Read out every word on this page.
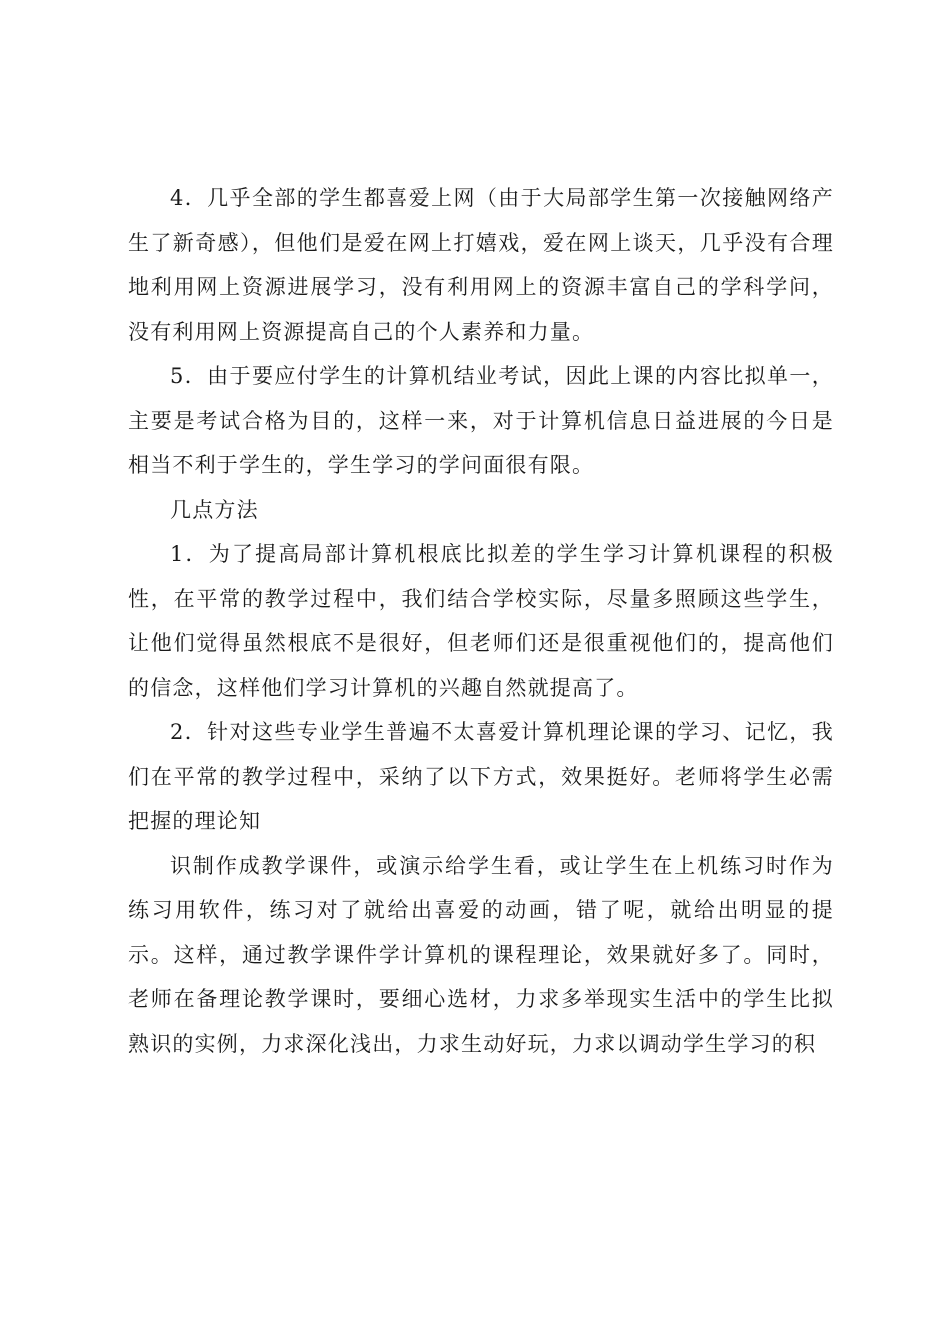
4．几乎全部的学生都喜爱上网（由于大局部学生第一次接触网络产生了新奇感），但他们是爱在网上打嬉戏，爱在网上谈天，几乎没有合理地利用网上资源进展学习，没有利用网上的资源丰富自己的学科学问，没有利用网上资源提高自己的个人素养和力量。

5．由于要应付学生的计算机结业考试，因此上课的内容比拟单一，主要是考试合格为目的，这样一来，对于计算机信息日益进展的今日是相当不利于学生的，学生学习的学问面很有限。

几点方法

1．为了提高局部计算机根底比拟差的学生学习计算机课程的积极性，在平常的教学过程中，我们结合学校实际，尽量多照顾这些学生，让他们觉得虽然根底不是很好，但老师们还是很重视他们的，提高他们的信念，这样他们学习计算机的兴趣自然就提高了。

2．针对这些专业学生普遍不太喜爱计算机理论课的学习、记忆，我们在平常的教学过程中，采纳了以下方式，效果挺好。老师将学生必需把握的理论知

识制作成教学课件，或演示给学生看，或让学生在上机练习时作为练习用软件，练习对了就给出喜爱的动画，错了呢，就给出明显的提示。这样，通过教学课件学计算机的课程理论，效果就好多了。同时，老师在备理论教学课时，要细心选材，力求多举现实生活中的学生比拟熟识的实例，力求深化浅出，力求生动好玩，力求以调动学生学习的积
